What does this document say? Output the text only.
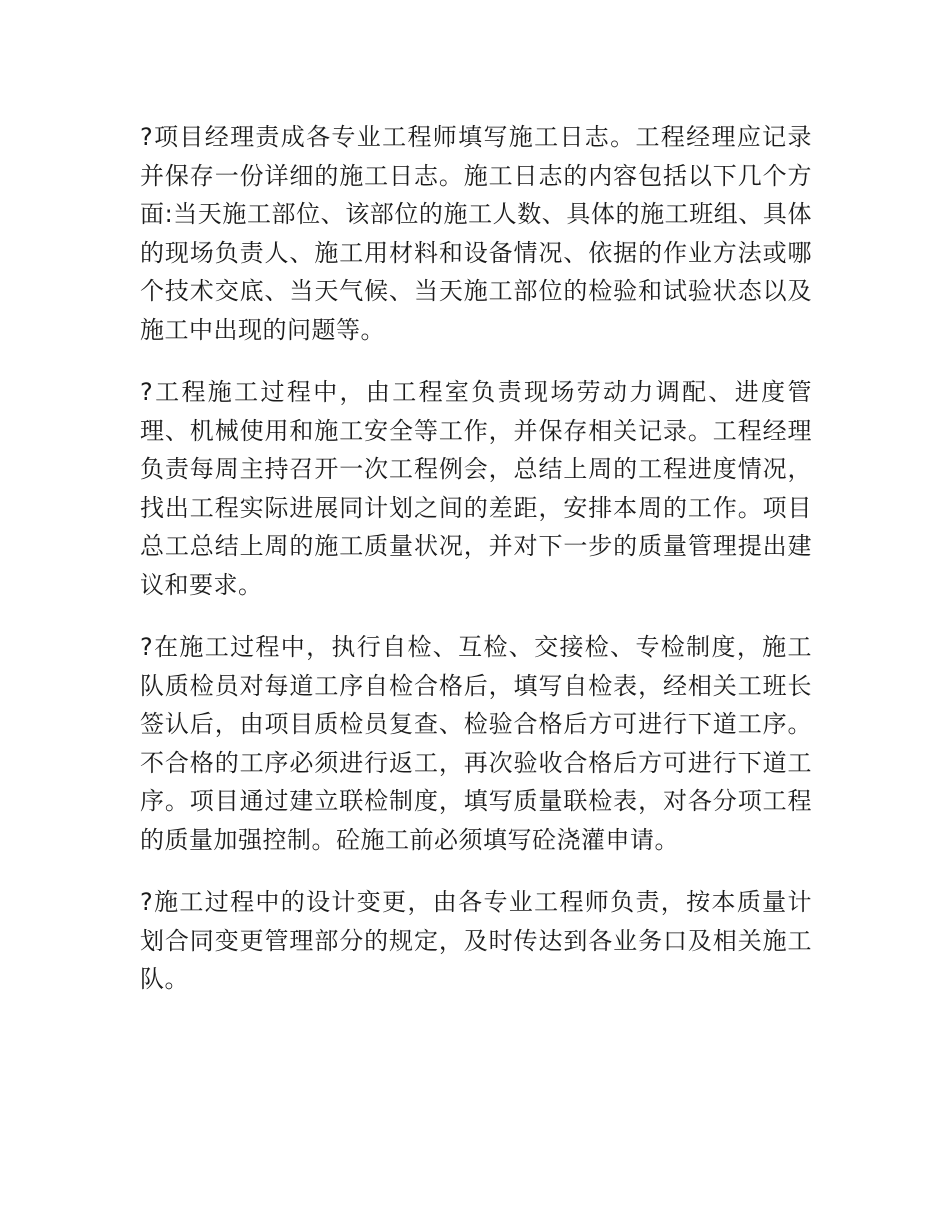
?项目经理责成各专业工程师填写施工日志。工程经理应记录并保存一份详细的施工日志。施工日志的内容包括以下几个方面:当天施工部位、该部位的施工人数、具体的施工班组、具体的现场负责人、施工用材料和设备情况、依据的作业方法或哪个技术交底、当天气候、当天施工部位的检验和试验状态以及施工中出现的问题等。

?工程施工过程中，由工程室负责现场劳动力调配、进度管理、机械使用和施工安全等工作，并保存相关记录。工程经理负责每周主持召开一次工程例会，总结上周的工程进度情况，找出工程实际进展同计划之间的差距，安排本周的工作。项目总工总结上周的施工质量状况，并对下一步的质量管理提出建议和要求。

?在施工过程中，执行自检、互检、交接检、专检制度，施工队质检员对每道工序自检合格后，填写自检表，经相关工班长签认后，由项目质检员复查、检验合格后方可进行下道工序。不合格的工序必须进行返工，再次验收合格后方可进行下道工序。项目通过建立联检制度，填写质量联检表，对各分项工程的质量加强控制。砼施工前必须填写砼浇灌申请。

?施工过程中的设计变更，由各专业工程师负责，按本质量计划合同变更管理部分的规定，及时传达到各业务口及相关施工队。
